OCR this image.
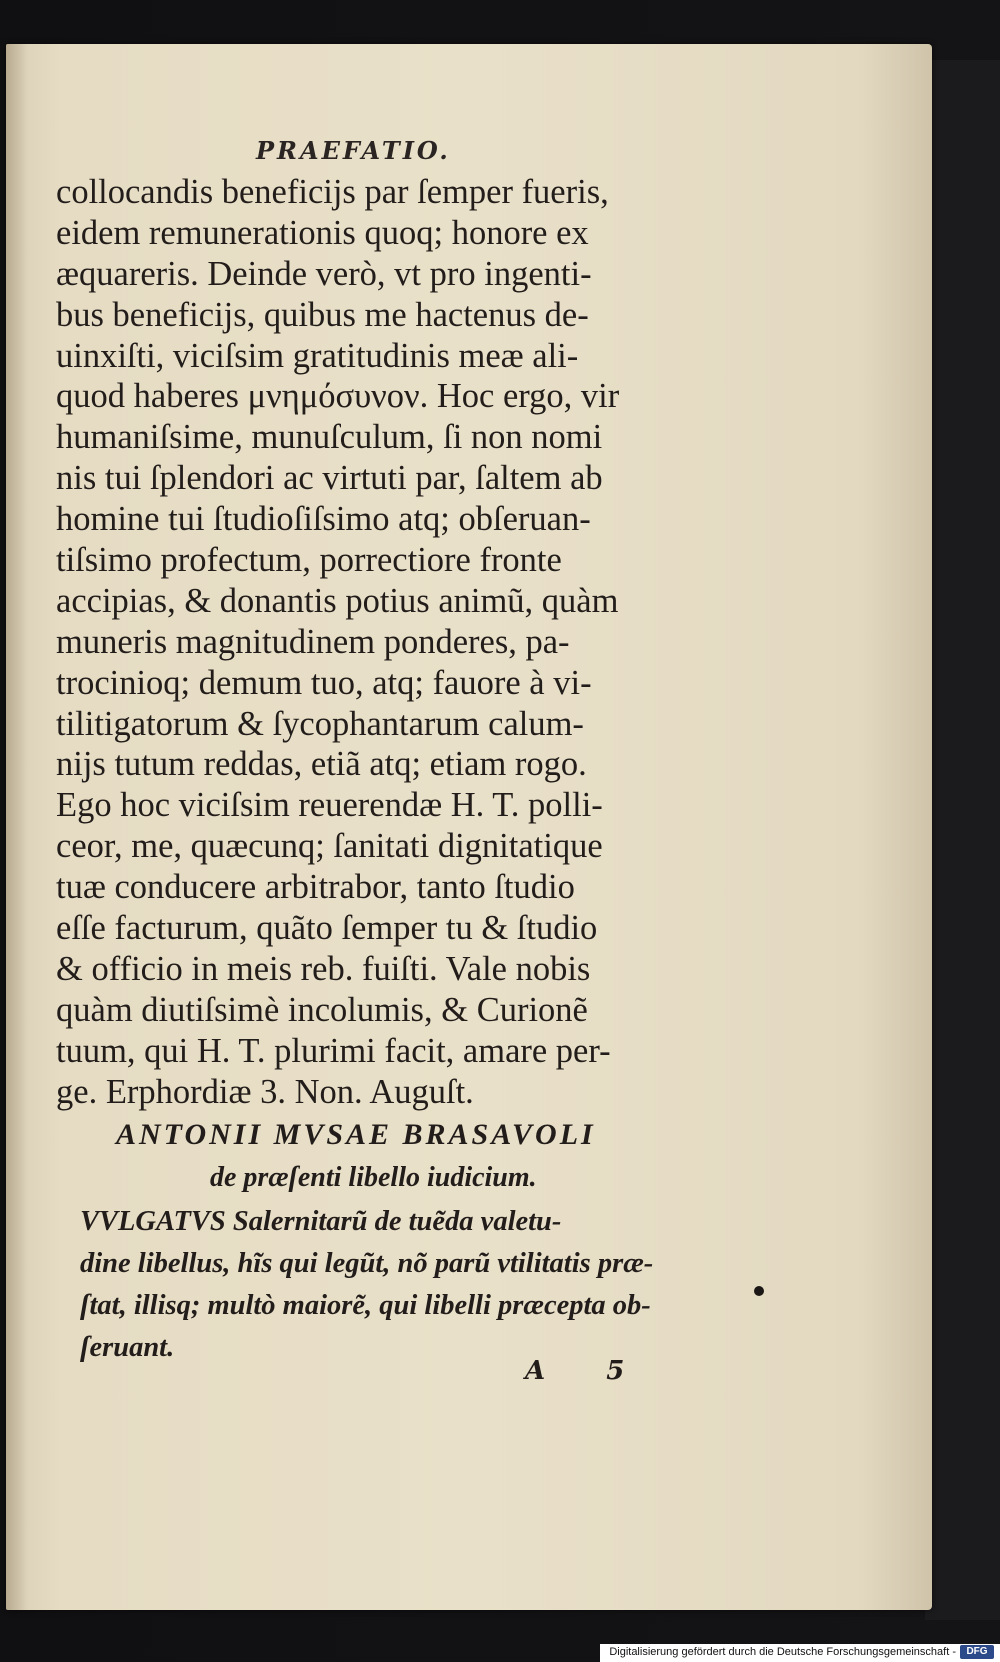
PRAEFATIO.
collocandis beneficijs par ſemper fueris,
eidem remunerationis quoq; honore ex
æquareris. Deinde verò, vt pro ingenti-
bus beneficijs, quibus me hactenus de-
uinxiſti, viciſsim gratitudinis meæ ali-
quod haberes μνημόσυνον. Hoc ergo, vir
humaniſsime, munuſculum, ſi non nomi
nis tui ſplendori ac virtuti par, ſaltem ab
homine tui ſtudioſiſsimo atq; obſeruan-
tiſsimo profectum, porrectiore fronte
accipias, & donantis potius animũ, quàm
muneris magnitudinem ponderes, pa-
trocinioq; demum tuo, atq; fauore à vi-
tilitigatorum & ſycophantarum calum-
nijs tutum reddas, etiã atq; etiam rogo.
Ego hoc viciſsim reuerendæ H. T. polli-
ceor, me, quæcunq; ſanitati dignitatique
tuæ conducere arbitrabor, tanto ſtudio
eſſe facturum, quãto ſemper tu & ſtudio
& officio in meis reb. fuiſti. Vale nobis
quàm diutiſsimè incolumis, & Curionẽ
tuum, qui H. T. plurimi facit, amare per-
ge. Erphordiæ 3. Non. Auguſt.
ANTONII MVSAE BRASAVOLI
de præſenti libello iudicium.
VVLGATVS Salernitarũ de tuẽda valetu-
dine libellus, hĩs qui legũt, nõ parũ vtilitatis præ-
ſtat, illisq; multò maiorẽ, qui libelli præcepta ob-
ſeruant.
A 5
Digitalisierung gefördert durch die Deutsche Forschungsgemeinschaft -	DFG
